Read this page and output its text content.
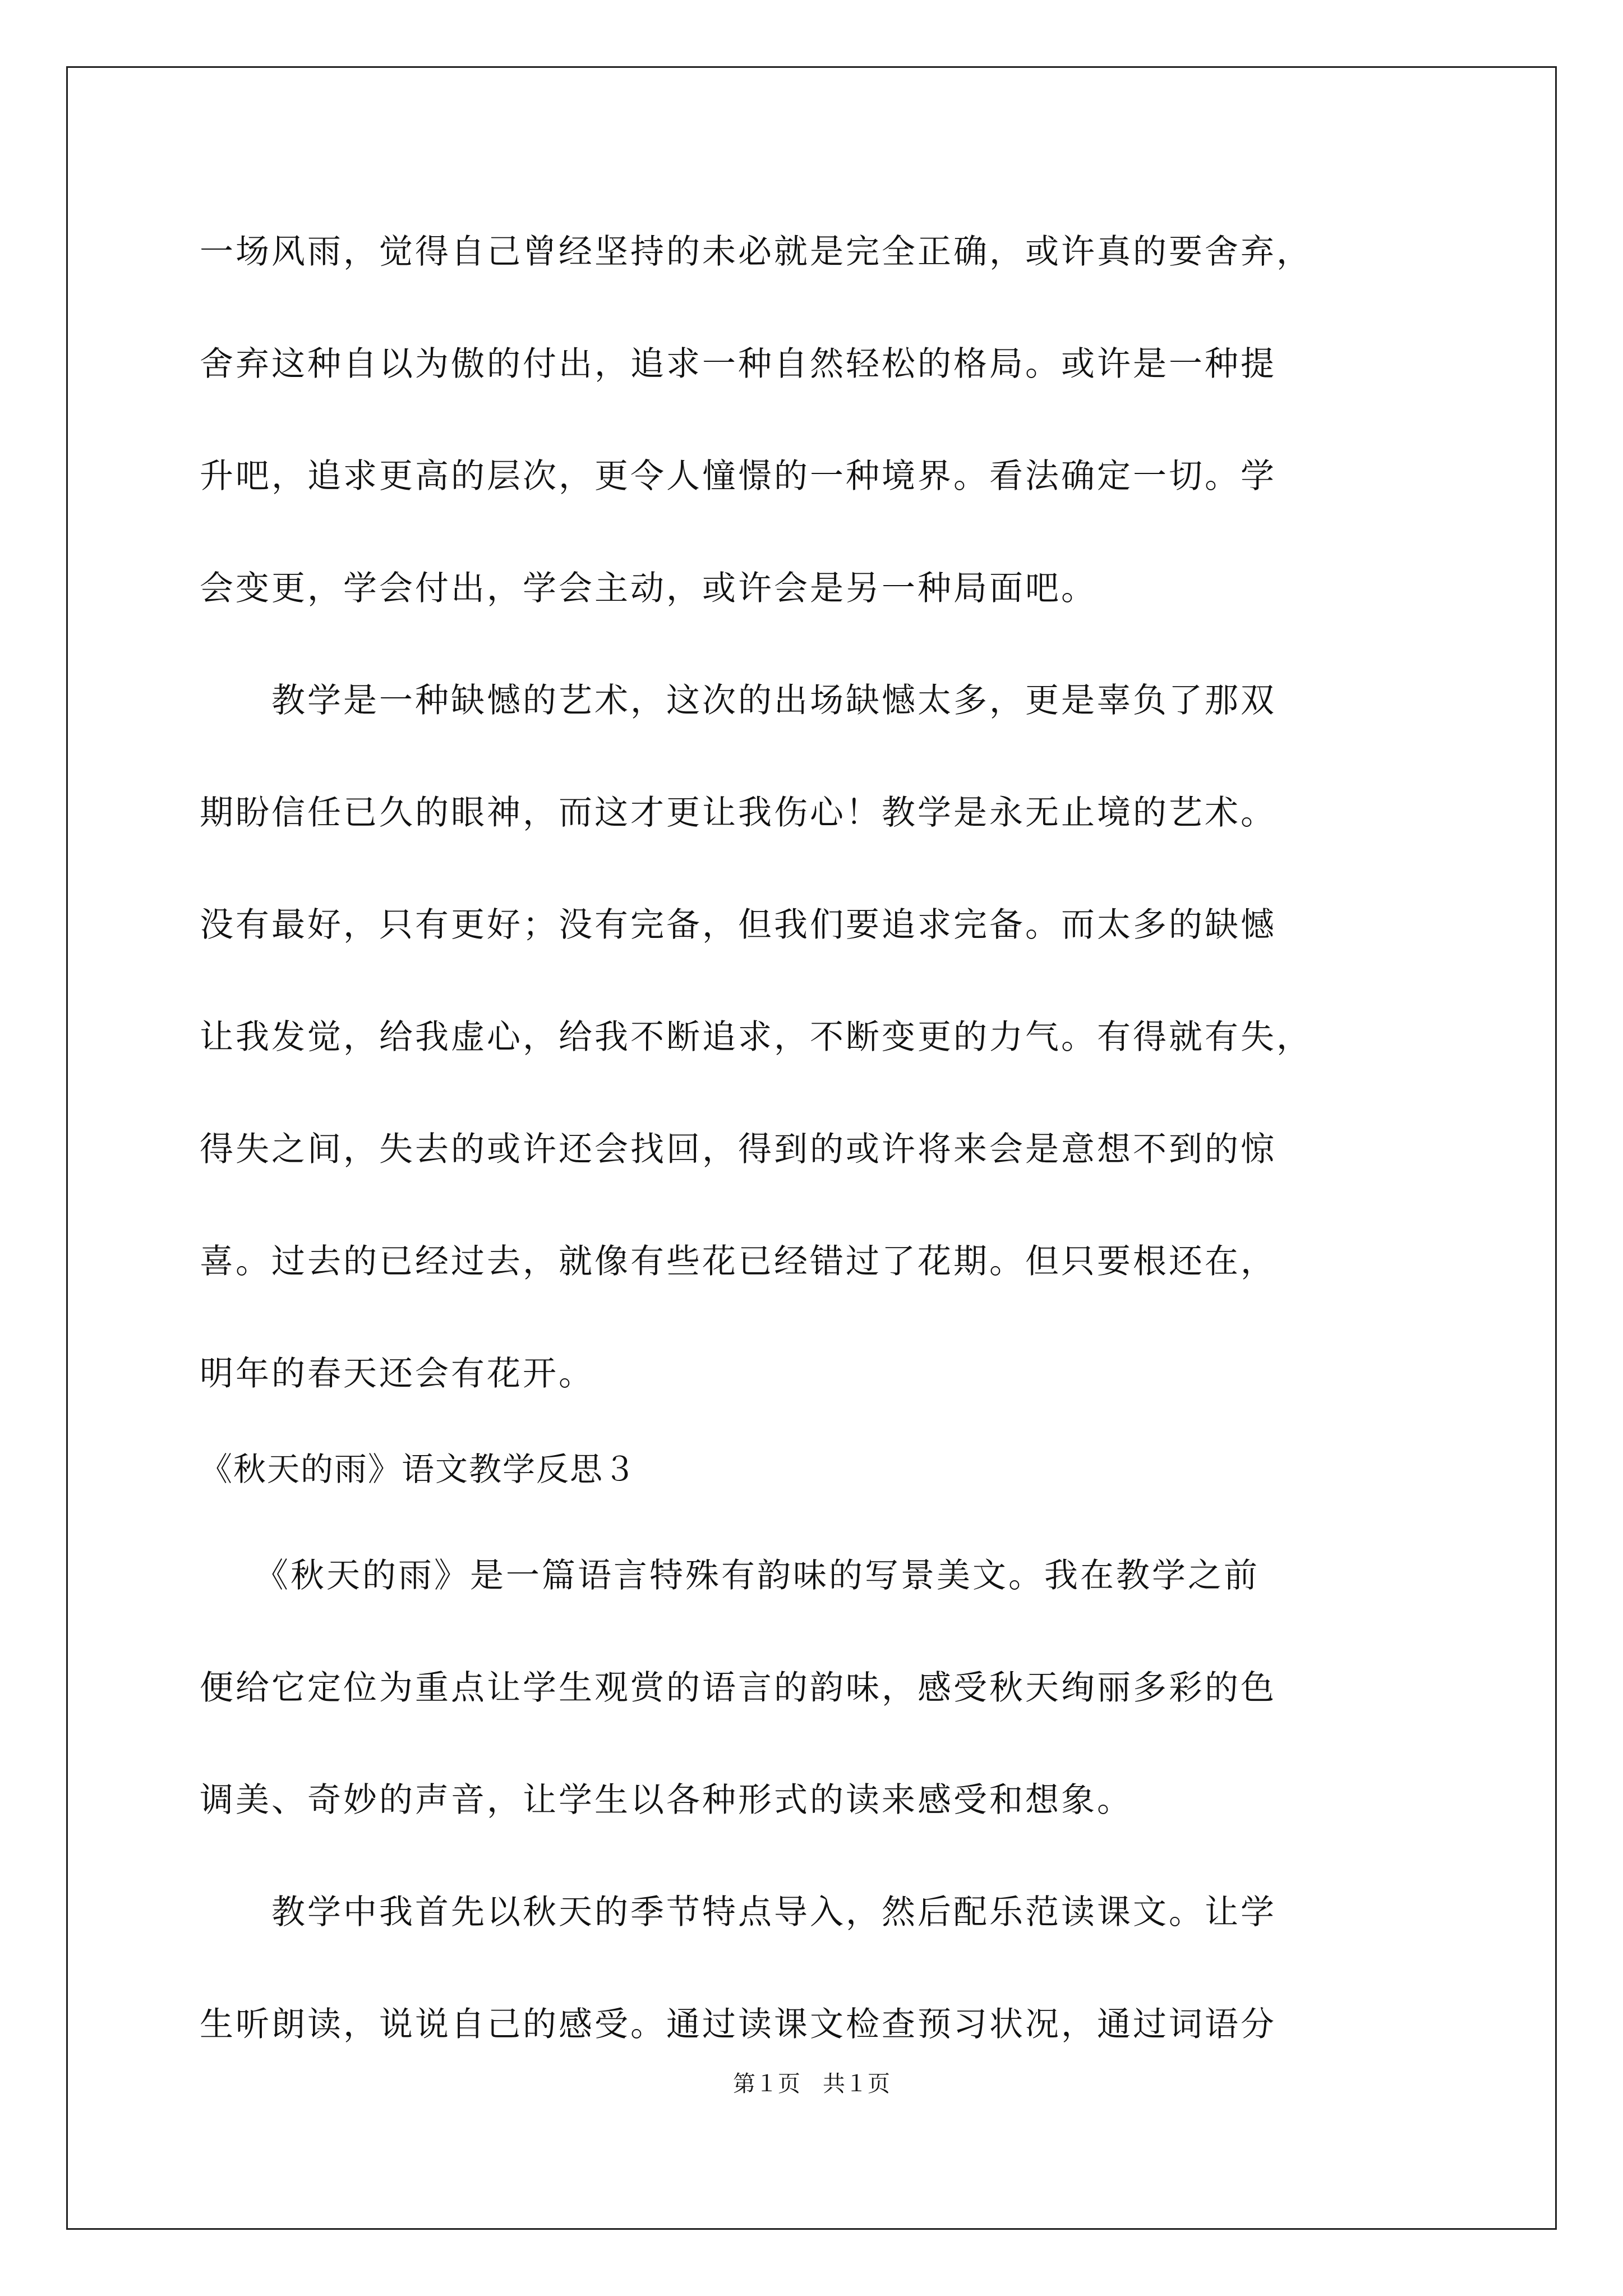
一场风雨，觉得自己曾经坚持的未必就是完全正确，或许真的要舍弃，

舍弃这种自以为傲的付出，追求一种自然轻松的格局。或许是一种提

升吧，追求更高的层次，更令人憧憬的一种境界。看法确定一切。学

会变更，学会付出，学会主动，或许会是另一种局面吧。

　　教学是一种缺憾的艺术，这次的出场缺憾太多，更是辜负了那双

期盼信任已久的眼神，而这才更让我伤心！教学是永无止境的艺术。

没有最好，只有更好；没有完备，但我们要追求完备。而太多的缺憾

让我发觉，给我虚心，给我不断追求，不断变更的力气。有得就有失，

得失之间，失去的或许还会找回，得到的或许将来会是意想不到的惊

喜。过去的已经过去，就像有些花已经错过了花期。但只要根还在，

明年的春天还会有花开。

《秋天的雨》语文教学反思３

　　《秋天的雨》是一篇语言特殊有韵味的写景美文。我在教学之前

便给它定位为重点让学生观赏的语言的韵味，感受秋天绚丽多彩的色

调美、奇妙的声音，让学生以各种形式的读来感受和想象。

　　教学中我首先以秋天的季节特点导入，然后配乐范读课文。让学

生听朗读，说说自己的感受。通过读课文检查预习状况，通过词语分

第１页　共１页
